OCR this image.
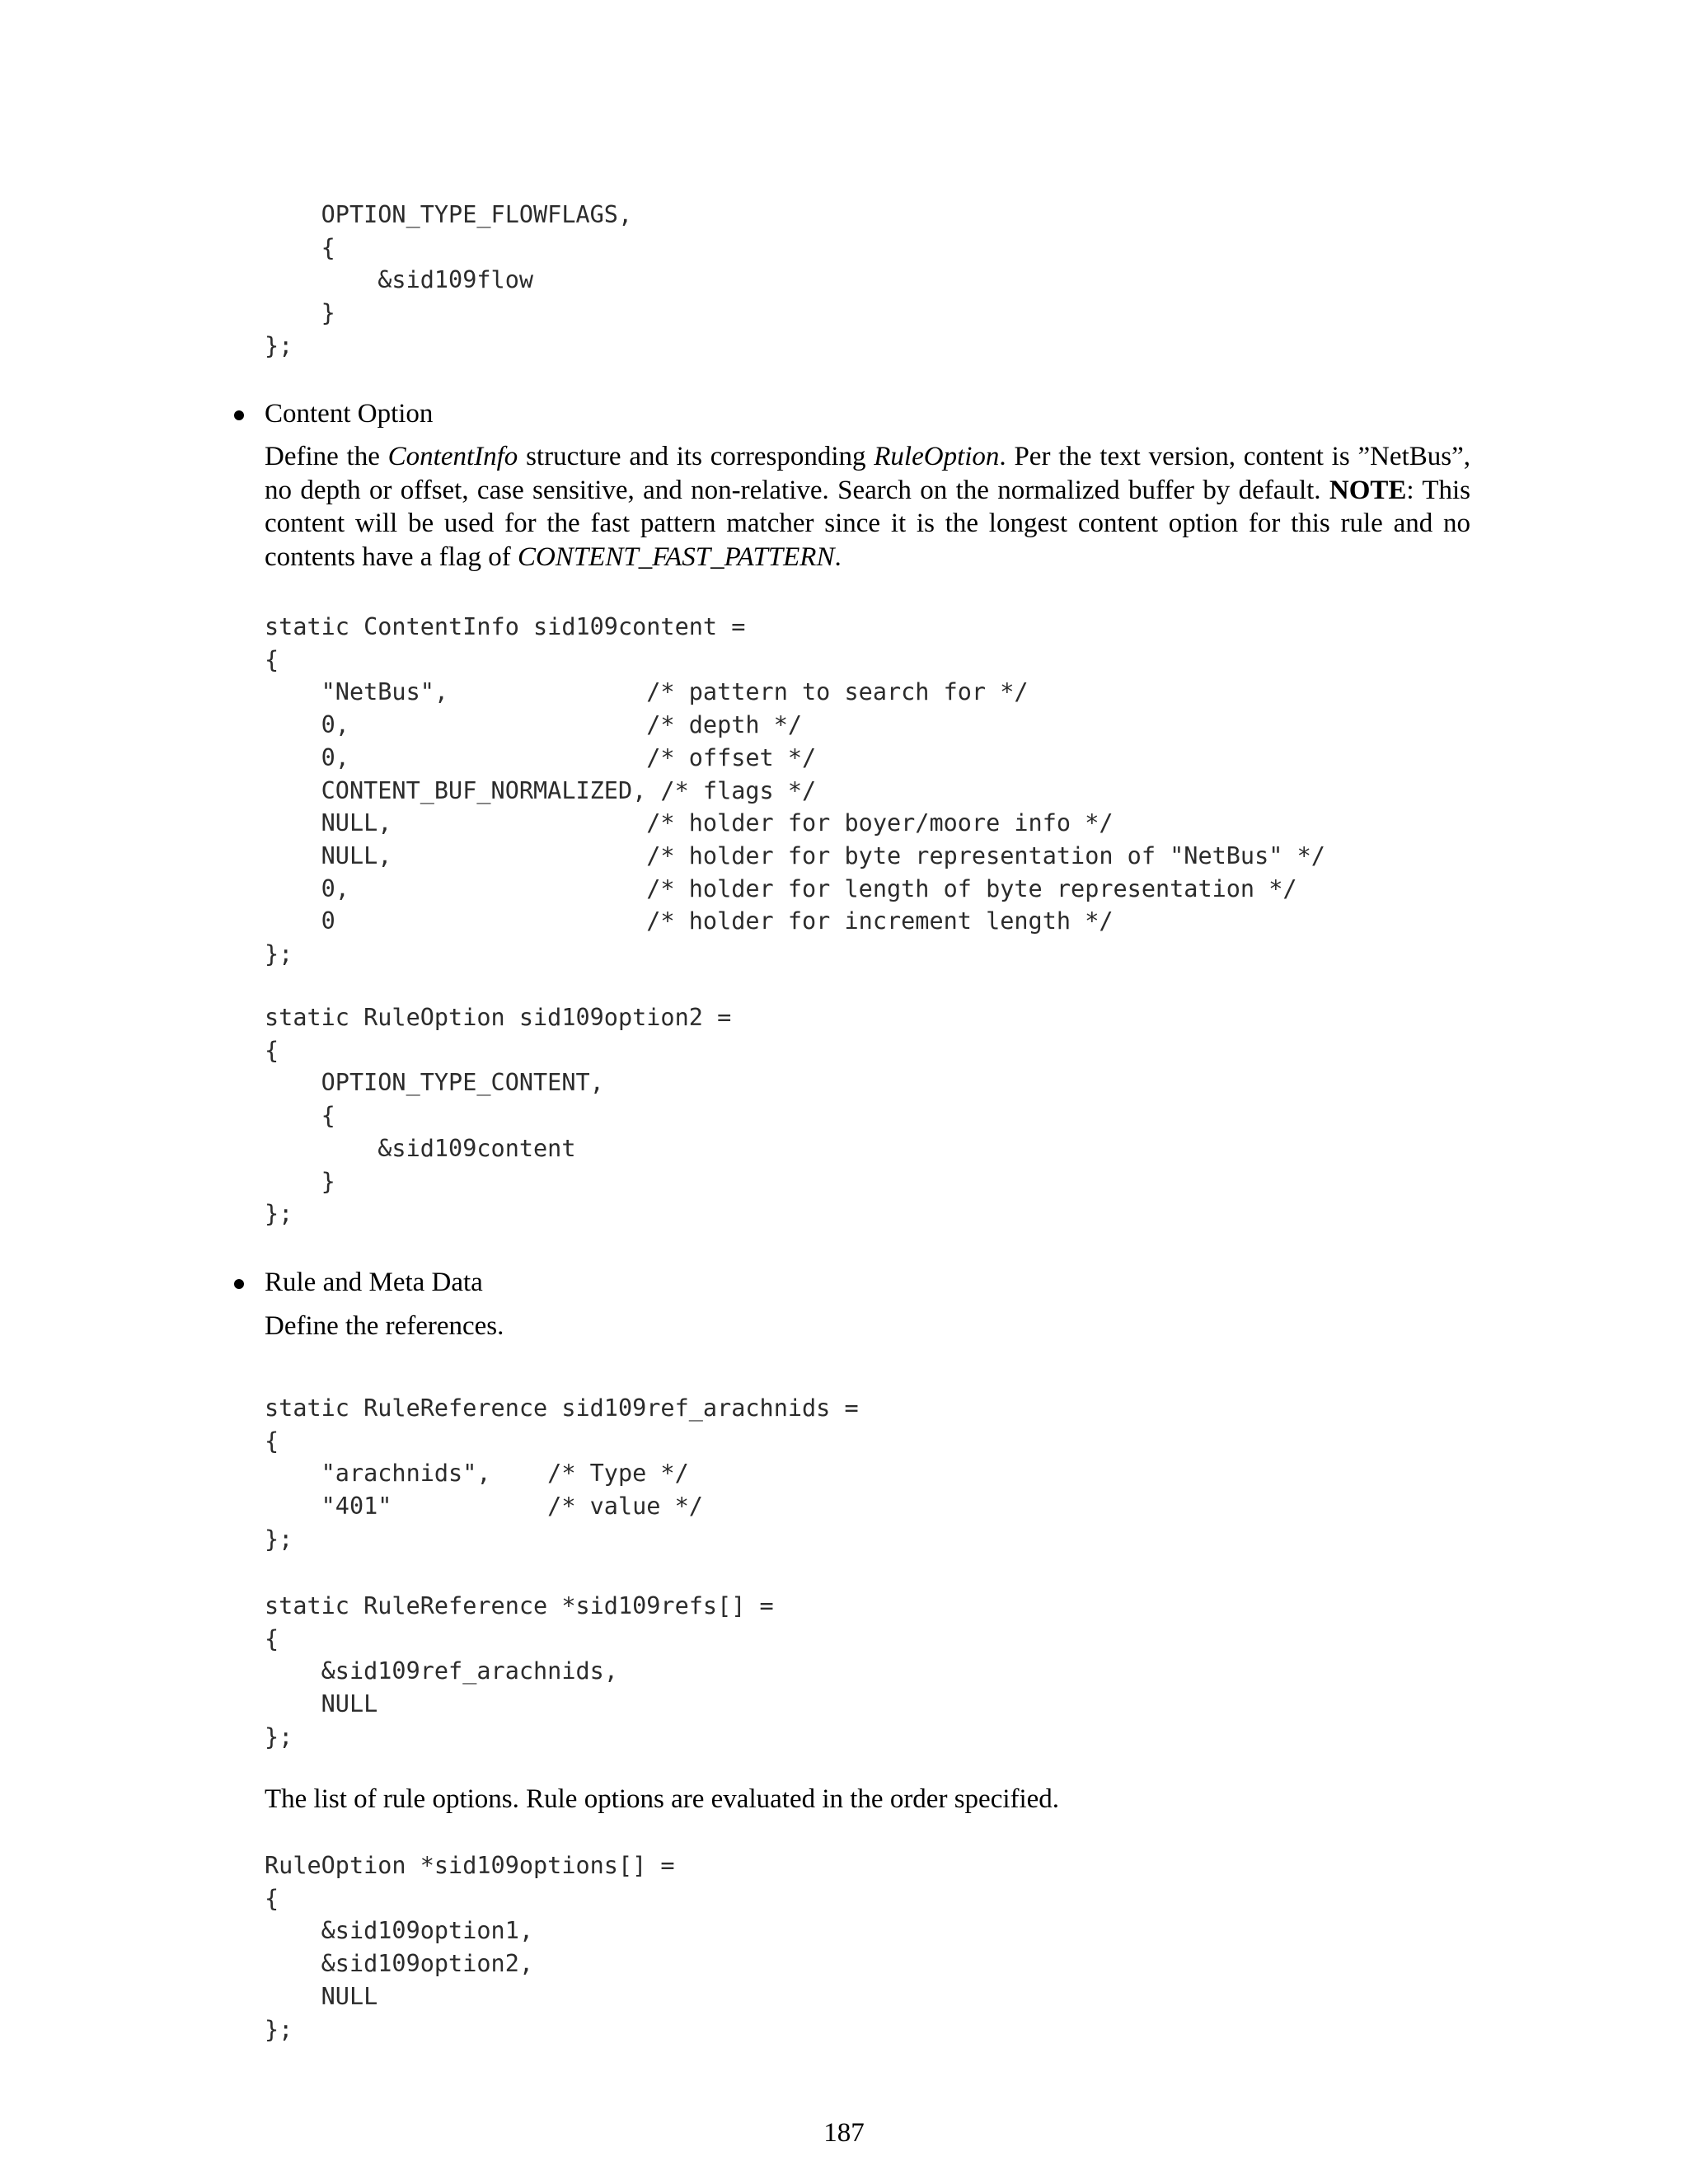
OPTION_TYPE_FLOWFLAGS,
{
&sid109flow
}
};
Content Option
Define the ContentInfo structure and its corresponding RuleOption. Per the text version, content is ”NetBus”, no depth or offset, case sensitive, and non-relative. Search on the normalized buffer by default. NOTE: This content will be used for the fast pattern matcher since it is the longest content option for this rule and no contents have a flag of CONTENT_FAST_PATTERN.
static ContentInfo sid109content =
{
"NetBus",              /* pattern to search for */
0,                     /* depth */
0,                     /* offset */
CONTENT_BUF_NORMALIZED, /* flags */
NULL,                  /* holder for boyer/moore info */
NULL,                  /* holder for byte representation of "NetBus" */
0,                     /* holder for length of byte representation */
0                      /* holder for increment length */
};
static RuleOption sid109option2 =
{
OPTION_TYPE_CONTENT,
{
&sid109content
}
};
Rule and Meta Data
Define the references.
static RuleReference sid109ref_arachnids =
{
"arachnids",    /* Type */
"401"           /* value */
};
static RuleReference *sid109refs[] =
{
&sid109ref_arachnids,
NULL
};
The list of rule options. Rule options are evaluated in the order specified.
RuleOption *sid109options[] =
{
&sid109option1,
&sid109option2,
NULL
};
187
